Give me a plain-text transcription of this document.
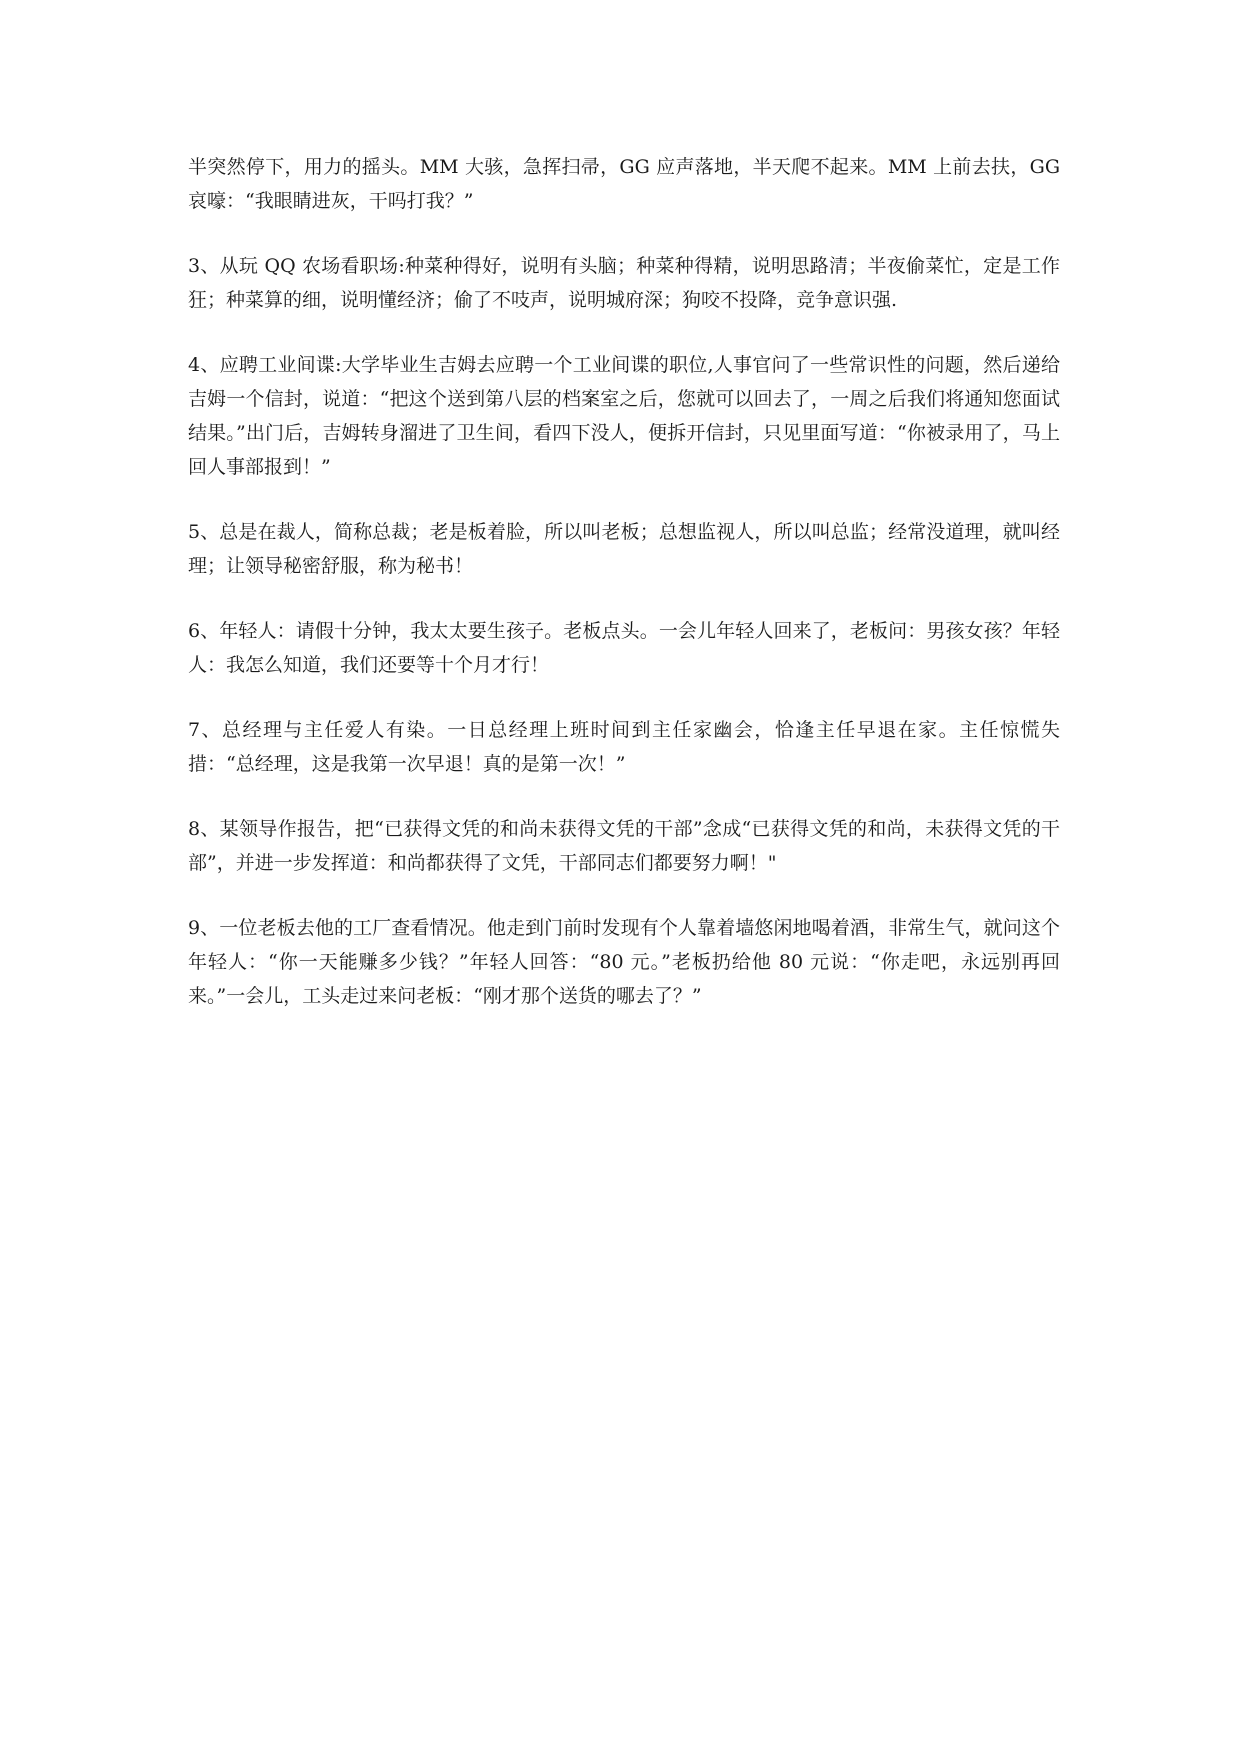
半突然停下，用力的摇头。MM 大骇，急挥扫帚，GG 应声落地，半天爬不起来。MM 上前去扶，GG 哀嚎：“我眼睛进灰，干吗打我？”

3、从玩 QQ 农场看职场:种菜种得好，说明有头脑；种菜种得精，说明思路清；半夜偷菜忙，定是工作狂；种菜算的细，说明懂经济；偷了不吱声，说明城府深；狗咬不投降，竞争意识强.

4、应聘工业间谍:大学毕业生吉姆去应聘一个工业间谍的职位,人事官问了一些常识性的问题，然后递给吉姆一个信封，说道：“把这个送到第八层的档案室之后，您就可以回去了，一周之后我们将通知您面试结果。”出门后，吉姆转身溜进了卫生间，看四下没人，便拆开信封，只见里面写道：“你被录用了，马上回人事部报到！”

5、总是在裁人，简称总裁；老是板着脸，所以叫老板；总想监视人，所以叫总监；经常没道理，就叫经理；让领导秘密舒服，称为秘书！

6、年轻人：请假十分钟，我太太要生孩子。老板点头。一会儿年轻人回来了，老板问：男孩女孩？年轻人：我怎么知道，我们还要等十个月才行！

7、总经理与主任爱人有染。一日总经理上班时间到主任家幽会，恰逢主任早退在家。主任惊慌失措：“总经理，这是我第一次早退！真的是第一次！”

8、某领导作报告，把“已获得文凭的和尚未获得文凭的干部”念成“已获得文凭的和尚，未获得文凭的干部”，并进一步发挥道：和尚都获得了文凭，干部同志们都要努力啊！"

9、一位老板去他的工厂查看情况。他走到门前时发现有个人靠着墙悠闲地喝着酒，非常生气，就问这个年轻人：“你一天能赚多少钱？”年轻人回答：“80 元。”老板扔给他 80 元说：“你走吧，永远别再回来。”一会儿，工头走过来问老板：“刚才那个送货的哪去了？”
